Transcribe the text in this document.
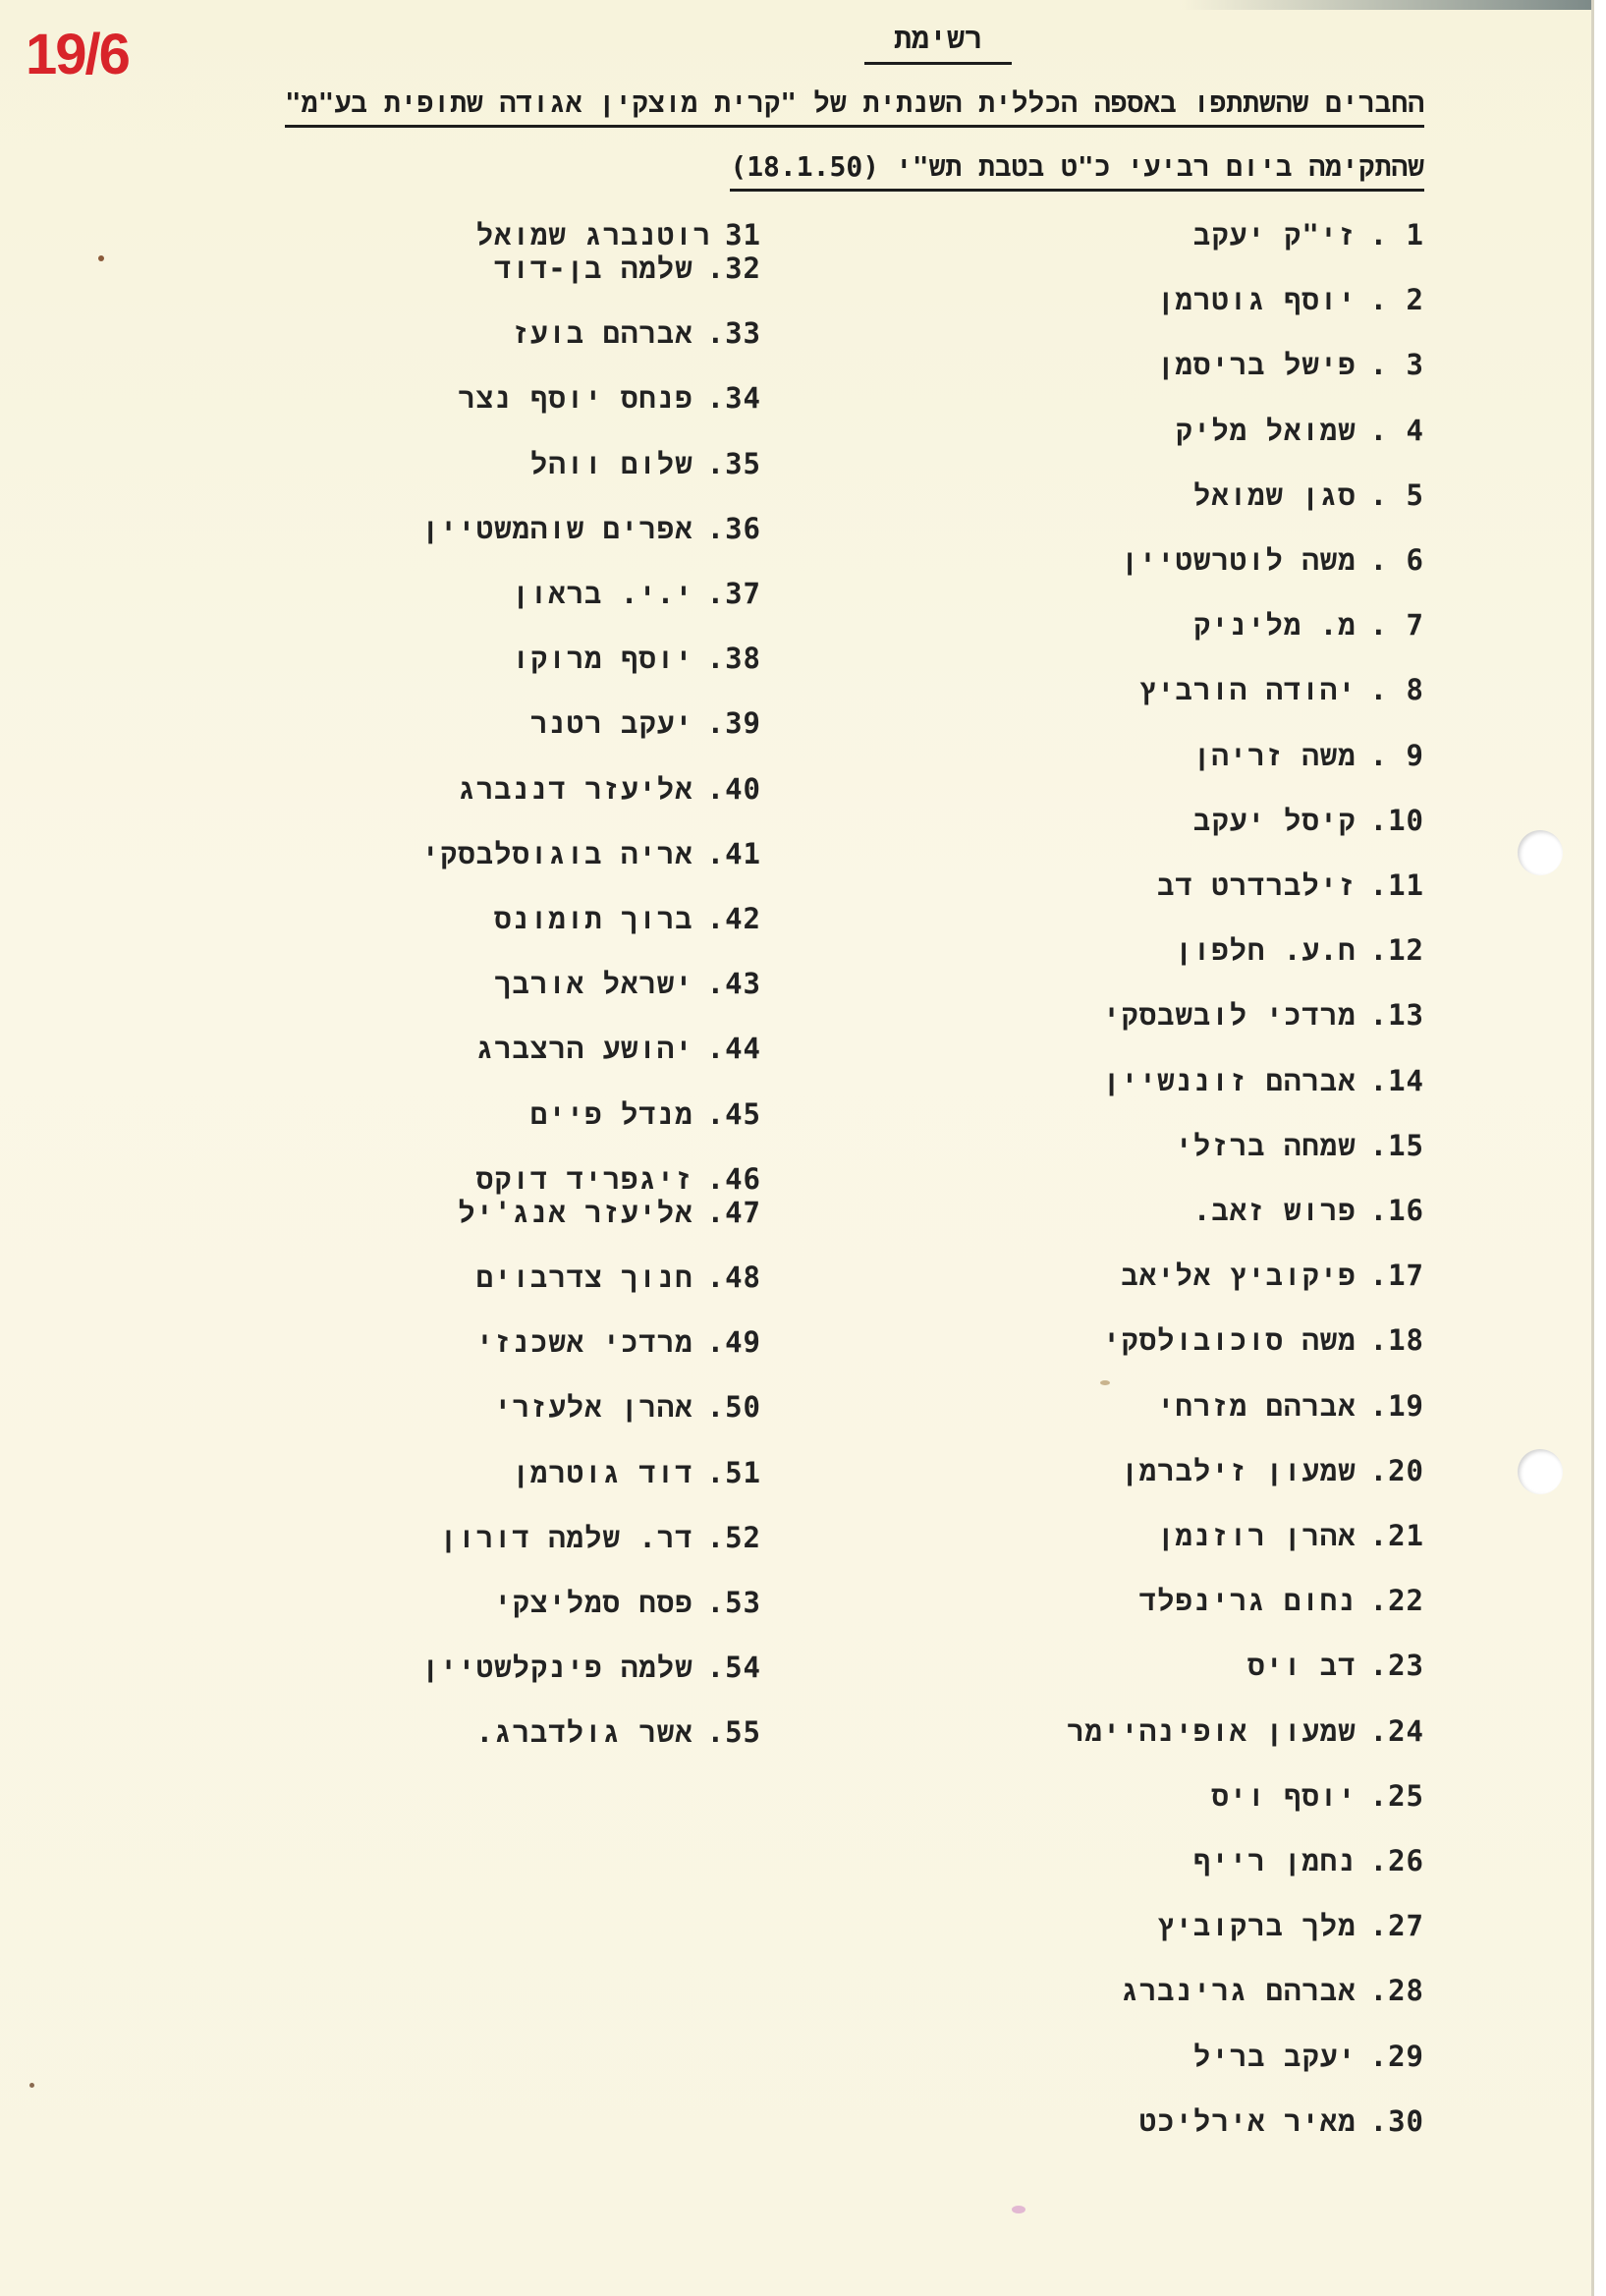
19/6	רשימת
החברים שהשתתפו באספה הכללית השנתית של "קרית מוצקין אגודה שתופית בע"מ"
שהתקימה ביום רביעי כ"ט בטבת תש"י (18.1.50)
1 .זי"ק יעקב
2 .יוסף גוטרמן
3 .פישל בריסמן
4 .שמואל מליק
5 .סגן שמואל
6 .משה לוטרשטיין
7 .מ. מליניק
8 .יהודה הורביץ
9 .משה זריהן
10.קיסל יעקב
11.זילברדרט דב
12.ח.ע. חלפון
13.מרדכי לובשבסקי
14.אברהם זוננשיין
15.שמחה ברזלי
16.פרוש זאב.
17.פיקוביץ אליאב
18.משה סוכובולסקי
19.אברהם מזרחי
20.שמעון זילברמן
21.אהרן רוזנמן
22.נחום גרינפלד
23.דב ויס
24.שמעון אופינהיימר
25.יוסף ויס
26.נחמן רייף
27.מלך ברקוביץ
28.אברהם גרינברג
29.יעקב בריל
30.מאיר אירליכט
31רוטנברג שמואל
32.שלמה בן-דוד
33.אברהם בועז
34.פנחס יוסף נצר
35.שלום ווהל
36.אפרים שוהמשטיין
37.י.י. בראון
38.יוסף מרוקו
39.יעקב רטנר
40.אליעזר דננברג
41.אריה בוגוסלבסקי
42.ברוך תומונס
43.ישראל אורבך
44.יהושע הרצברג
45.מנדל פיים
46.זיגפריד דוקס
47.אליעזר אנג'יל
48.חנוך צדרבוים
49.מרדכי אשכנזי
50.אהרן אלעזרי
51.דוד גוטרמן
52.דר. שלמה דורון
53.פסח סמליצקי
54.שלמה פינקלשטיין
55.אשר גולדברג.
